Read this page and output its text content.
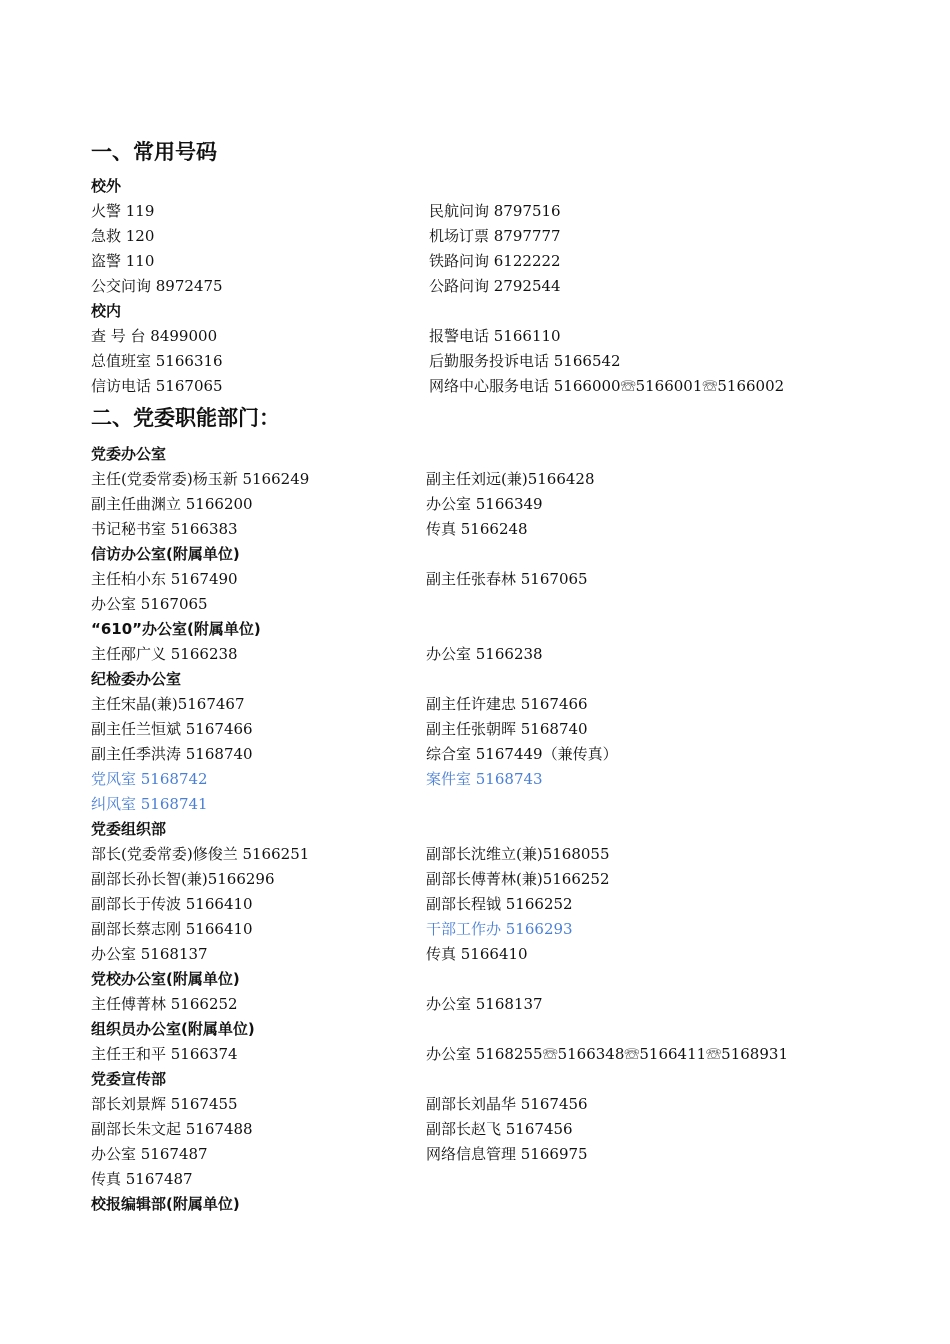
一、常用号码
校外
火警 119	民航问询 8797516
急救 120	机场订票 8797777
盗警 110	铁路问询 6122222
公交问询 8972475	公路问询 2792544
校内
查 号 台 8499000	报警电话 5166110
总值班室 5166316	后勤服务投诉电话 5166542
信访电话 5167065	网络中心服务电话 5166000☏5166001☏5166002
二、党委职能部门：
党委办公室
主任(党委常委)杨玉新 5166249	副主任刘远(兼)5166428
副主任曲渊立 5166200	办公室 5166349
书记秘书室 5166383	传真 5166248
信访办公室(附属单位)
主任柏小东 5167490	副主任张春林 5167065
办公室 5167065
“610”办公室(附属单位)
主任邴广义 5166238	办公室 5166238
纪检委办公室
主任宋晶(兼)5167467	副主任许建忠 5167466
副主任兰恒斌 5167466	副主任张朝晖 5168740
副主任季洪涛 5168740	综合室 5167449（兼传真）
党风室 5168742	案件室 5168743
纠风室 5168741
党委组织部
部长(党委常委)修俊兰 5166251	副部长沈维立(兼)5168055
副部长孙长智(兼)5166296	副部长傅菁林(兼)5166252
副部长于传波 5166410	副部长程钺 5166252
副部长蔡志刚 5166410	干部工作办 5166293
办公室 5168137	传真 5166410
党校办公室(附属单位)
主任傅菁林 5166252	办公室 5168137
组织员办公室(附属单位)
主任王和平 5166374	办公室 5168255☏5166348☏5166411☏5168931
党委宣传部
部长刘景辉 5167455	副部长刘晶华 5167456
副部长朱文起 5167488	副部长赵飞 5167456
办公室 5167487	网络信息管理 5166975
传真 5167487
校报编辑部(附属单位)
